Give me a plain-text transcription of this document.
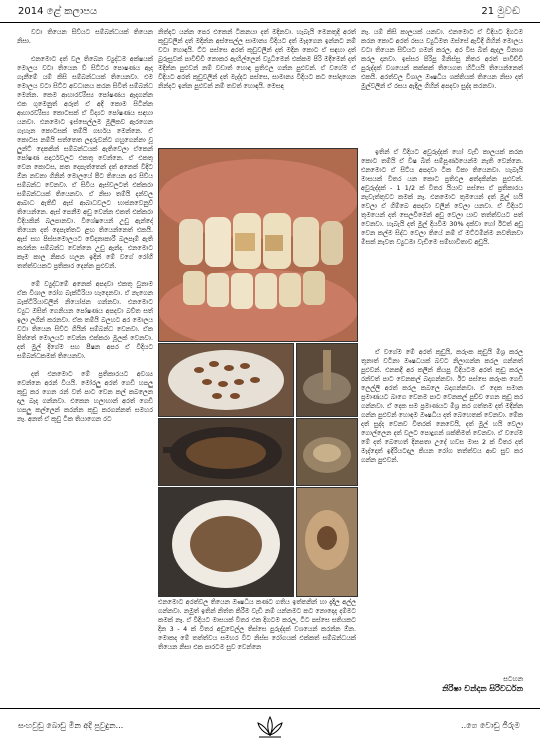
2014 ළේ කලාපය	21 මුවඬ

වටා තියෙන සිව්යට සම්බන්ධයක් තියෙන නිසා.

එනමොට දත් වල තිබෙන ව්‍යුද්ධම අක්ෂයක් මොලය වටා තියෙන ව් සිට්ටර පොෂණය ඇද ගැනීමේ යම් කිසි සම්බන්ධයක් තියෙනවා. එම මොලය වටා සිට්ට අවධානය කරන සිවිත් සම්බන්ධ මෙන්න. කෙම ආහාරව්‍යීස්‍ය පෝෂණය ඇදගන්න එක ගුමෙනුත් අරුත් ඒ අදි කොම සිටින්න ආහාරව්‍යීස්‍ය කොටසක් ඒ විද්‍යට පෝෂණය සඳහා යනවා. එනමොට ඉස්සෙල්ලම මූලිකව ඇරගෙන ගැහැන කොටසක් තම්යි ගර්භය මෙන්නෙ. ඒ කොටස නම්යි සත්තෙත ලදරුවන්ට ගහුගෙන්නා වූ ලුන්ට් දෙකකින් සම්බන්ධයක් ඇතිවෙලා ඒකෙන් පෝෂණ පදාර්ථවලට එකතු වෙන්නෙ. ඒ එකතු වෙන කොටස, කත දෙපැත්තෙන් දත් අනෙක් විදිට ඕන නවනා ගිනින් මොලයේ පීට තියෙන අර සිව්ය සම්බන්ධ වෙනවා. ඒ සිවිය ඇස්වලටත් එක්කරා සම්බන්ධයක් තියෙනවා. ඒ නිසා තම්යි දන්වල ආබාධ ඇතිව් ඇස් ආබාධවලට භාජනවෙනුව් තියෙන්නෙ. ඇස් පෙනීම අඩු වෙන්න එකත් එක්කරා විදියකින් බලපානවා. විශේෂයෙන් උඩු ඇන්දේ තියෙන දත් දෙපැත්තට ළඟ තියෙන්නෙත් එකයි. ඇස් සහ පිස්සමොලයට වේදනාකාරී බලපෑම් ඇති කරන්න සම්බන්ධ වෙන්නෙ උඩු ඇන්ද. එනමොට කෑම කාල නිකර හලන ඉදින් මේ වගේ රෝගී තත්ත්වයකට ප්‍රතිකාර දෙන්න පුළුවන්.

මේ ව්‍යුද්ධමේ අනෙක් අපදවා එකතු වුනාම ඒක විශාල රෝග බැක්ටීරියා හැදෙනවා. ඒ නැගෙන බැක්ටීරියාවලින් නියෝජන ගන්නවා. එනමොට ව්‍යුධ ඔසිත් ගෙනියන පෝෂණය අපදවා බව්ත සත් ඉලා ලගින් කරනවා. ඒක තම්යි බලහට අර මොලය වටා තියෙන සිව්ට ගියින් සම්බන්ධ වෙනවා. ඒක පිත්තේ මොලයට වෙන්න එක්කරා මූලක් වෙනවා. දත් මුල් දිගේම සහ පීෂන අපර ඒ විදියට සම්බන්ධකමක් තියෙනවා.

දත් එනමොට මේ ප්‍රතිකාරයට අවශ්‍ය වෙන්නෙ අරන් වියයි. මෝරලු අරත් ගෙඩි හපලු කුඩු කර ගෙන රන් වත් පාට වෙන කල් කබලෙන දාල බැද ගන්නවා. එකෙන හලාහාන් අරත් ගෙඩි හපලු කල්ලෙන් කරන්න කුඩු කරගන්නත් සමහර නෑ. අනත් ඒ කුඩු ටික තියාගෙන රට

නිත්දට යන්න පෙර එකෙන් ටිකනයා දත් මදිනවා. හැබැයි මෙනතුදි අරත් කුඩුවලින් දත් මදින්න අස්සෙල්ල සාමාන්‍ය විදියට දත් මැදගෙන ඉන්නට නම් වටා හොඳයි. ට්ට පස්සෙ අරත් කුඩුවලින් දත් මදින කොට ඒ සඳහා දත් බුරුසුවක් පාවිච්චි නොකර ඇඟිල්ලෙන් ව්‍යුධිමෙන් එක්කම පිරි මදීමෙන් දත් මදින්න පුළුවන් නම් වඩාත් හොඳ ප්‍රතිඵල ගන්න පුළුවන්. ඒ වගේම ඒ විදියට අරත් කුඩුවලින් දත් මැද්දට පස්සෙ, සාමාන්‍ය විදියට කට සෝදාගෙන නින්දට ඉන්න පුළුවන් නම් තවත් හොඳයි. මෙසඳ

නෑ. යම් කිසි කාලයක් යනවා. එනමොට ඒ විදියට දිගටම කරන කොට අරත් රසය ව්‍යුධිමත ඔස්සේ ඇවිදී ගිහින් මොලය වටා තියෙන සිව්යට ගමන් කරල, අර විස බිත් ඇදල විනාශ කරල දානවා. ඉස්සර පිරිපු මිනිස්සු නිතර අරත් පාවිච්චි පුරුද්දක් වශයෙන් කක්කක් තියෙගත හිටියයි තියෙන්නෙත් එකයි. අරත්වල විශාල ඖෂධීය ශක්තියක් තියෙන නිසා දත් මුල්වලින් ඒ රසය ඇදිල ගිහින් අපදවා සුද්ද කරනවා.

ඉතින් ඒ විදියට අවුරුද්දක් හෝ වැඩි කාලයක් කරන කොට තම්යි ඒ විෂ බිත් සම්පූර්ණයෙන්ම නැති වෙන්නෙ. එනමොට ඒ සිට්ය අපදවා ටික විකා තියෙනවා. හැබැයි මාසයක් විතර යන කොට ප්‍රතිඵල අත්දකින්න පුළුවන්. අවුරුද්දක් - 1 1/2 ක් විතර යියාව පස්සෙ ඒ ප්‍රතිකාරය නැවැත්තුවට කමක් නෑ. එනමොට තුමයෙන් දත් මුල් හයි වෙලා ඒ ගිම්බෙ අපදවා වලින් වෙලා යනවා. ඒ විදියට තුමයෙන් දත් සෙලවීමෙන් අඩු වෙලා යාව තත්ත්වයට පත් වෙනවා. හැබැයි දත් මුල් දියවිම 30% දක්වා හෝ ඊටත් අඩු වෙන කල්ම සිද්ධ වෙලා තියේ නම් ඒ මට්ටමින්ම නවතිනවා මිසක් නැවත ව්‍යුධමා වැඩිමෙ සම්භාවිතාව අඩුයි.

ඒ වගේම මේ අරත් කුඩුයි, කරුංක කුඩුයි මිශ්‍ර කරල තුනාත් වටිනා ඖෂධයක් බවට නිලාගන්න කරල ගන්නත් පුළුවන්. එනකදී අර කලින් කියපු විදියටම අරත් කුඩු කරල රන්වත් පාට වෙනකල් බදාගන්නවා. ඊට පස්සෙ කරුංක ගෙඩි ලෙල්ලි අරත් කරල කබලෙ බදාගන්නවා. ඒ දෙක සමාන ප්‍රමාණයට බාගෙ වෙනම පාට වෙනකල් පුච්ච ගෙන කුඩු කර ගන්නවා. ඒ දෙක සම ප්‍රමාණයට මිශ්‍ර කර ගත්තම දත් මදින්න ගන්න පුළුවන් හොඳම ඖෂධීය දත් බෙහෙතක් වෙනවා. මේක දත් සුද්ද වෙනව විතරක් නෙවෙයි, දත් මුල් හයි වෙලා ගොල්ලෙන දත් වලට පොදුගන් ශක්තිමත් වෙනවා. ඒ වගේම මේ දත් බෙහෙත් දිනපතා උදේ හවස මාස 2 ක් විතර දත් මැද්දොත් ඉදිරියටදාල කියන රෝග තත්ත්වය ආව සුව කර ගන්න පුළුවන්.

එනමොට අරත්වල තියෙන ඖෂධීය කණට ගතිය ඉත්තනින් හා දැදිල අල්ල ගන්නවා. නමුත් ඉතින් නිත්ත කිරීම වැඩි නම් යන්නමට කට නොදොද දම්මට කමක් නෑ. ඒ විදියට මාසයක් විතර එක දිගටම කරල, ටිට පස්සෙ සතියකට දින 3 - 4 ක් විතර අඩුවෙල්ල තිස්සෙ පුරුද්දක් වශයෙන් කරන්න ඕන. මොකද මේ තත්ත්වය සමහර විට නිස්ස රෝගයක් එක්කත් සම්බන්ධයක් තියෙන නිසා එක පාරටම සුව වෙන්නෙ

සටහන
නිරිෂා චන්දන සිරිවර්ධන
සංහවුඩු බොඩු මින අදි පුවුදුන...	..ගෙ වොඩු ජීරුම
